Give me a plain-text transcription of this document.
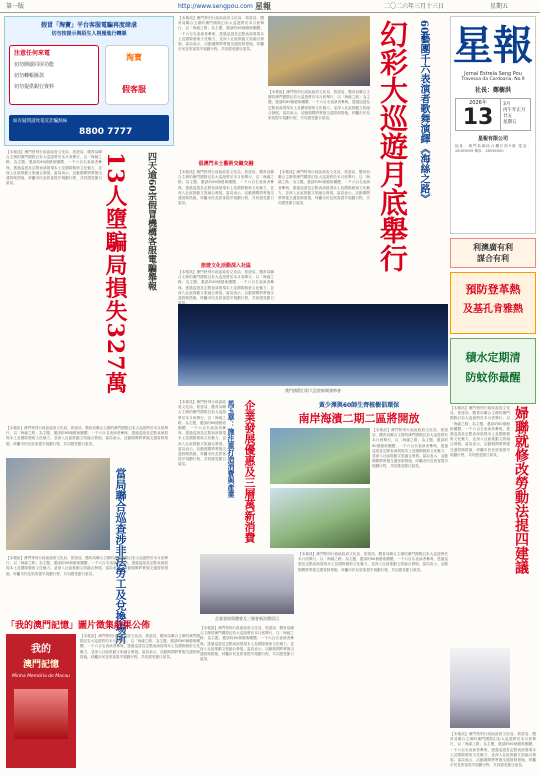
第一版	http://www.sengpou.com 星報	二〇二六年三月十三日	星期五
假冒「淘寶」平台客服電騙再度肆虐
切勿按提示與陌生人視頻進行轉賬
注意任何來電
切勿開啟同屏功能
切勿轉帳匯款
切勿提供銀行資料
淘寶
假客服
如有疑問請致電反詐騙熱線
8800 7777
【本報訊】澳門特別行政區政府文化局、旅遊局、體育局聯合主辦的澳門國際幻彩大巡遊將於本月底舉行，以「海絲之路」為主題，邀請約60個藝術團體、一千六百名表演者參與，透過巡遊及定點表演展現本土及國際藝術文化魅力，並深入社區推動文旅融合發展。當局表示，活動期間將實施交通管制措施，呼籲市民及旅客提早規劃行程，共同感受節日氣氛。	四天逾60宗假冒機構客服電騙舉報
13人墮騙局損失327萬
【本報訊】澳門特別行政區政府文化局、旅遊局、體育局聯合主辦的澳門國際幻彩大巡遊將於本月底舉行，以「海絲之路」為主題，邀請約60個藝術團體、一千六百名表演者參與，透過巡遊及定點表演展現本土及國際藝術文化魅力，並深入社區推動文旅融合發展。當局表示，活動期間將實施交通管制措施，呼籲市民及旅客提早規劃行程，共同感受節日氣氛。
當局聯合巡查涉非法勞工及兌換場所
【本報訊】澳門特別行政區政府文化局、旅遊局、體育局聯合主辦的澳門國際幻彩大巡遊將於本月底舉行，以「海絲之路」為主題，邀請約60個藝術團體、一千六百名表演者參與，透過巡遊及定點表演展現本土及國際藝術文化魅力，並深入社區推動文旅融合發展。當局表示，活動期間將實施交通管制措施，呼籲市民及旅客提早規劃行程，共同感受節日氣氛。
「我的澳門記憶」圖片徵集結果公佈
我的
澳門記憶
Minha Memória de Macau
【本報訊】澳門特別行政區政府文化局、旅遊局、體育局聯合主辦的澳門國際幻彩大巡遊將於本月底舉行，以「海絲之路」為主題，邀請約60個藝術團體、一千六百名表演者參與，透過巡遊及定點表演展現本土及國際藝術文化魅力，並深入社區推動文旅融合發展。當局表示，活動期間將實施交通管制措施，呼籲市民及旅客提早規劃行程，共同感受節日氣氛。
【本報訊】澳門特別行政區政府文化局、旅遊局、體育局聯合主辦的澳門國際幻彩大巡遊將於本月底舉行，以「海絲之路」為主題，邀請約60個藝術團體、一千六百名表演者參與，透過巡遊及定點表演展現本土及國際藝術文化魅力，並深入社區推動文旅融合發展。當局表示，活動期間將實施交通管制措施，呼籲市民及旅客提早規劃行程，共同感受節日氣氛。
【本報訊】澳門特別行政區政府文化局、旅遊局、體育局聯合主辦的澳門國際幻彩大巡遊將於本月底舉行，以「海絲之路」為主題，邀請約60個藝術團體、一千六百名表演者參與，透過巡遊及定點表演展現本土及國際藝術文化魅力，並深入社區推動文旅融合發展。當局表示，活動期間將實施交通管制措施，呼籲市民及旅客提早規劃行程，共同感受節日氣氛。	60藝團千六表演者歌舞演繹《海絲之路》
幻彩大巡遊月底舉行
【本報訊】澳門特別行政區政府文化局、旅遊局、體育局聯合主辦的澳門國際幻彩大巡遊將於本月底舉行，以「海絲之路」為主題，邀請約60個藝術團體、一千六百名表演者參與，透過巡遊及定點表演展現本土及國際藝術文化魅力，並深入社區推動文旅融合發展。當局表示，活動期間將實施交通管制措施，呼籲市民及旅客提早規劃行程，共同感受節日氣氛。
【本報訊】澳門特別行政區政府文化局、旅遊局、體育局聯合主辦的澳門國際幻彩大巡遊將於本月底舉行，以「海絲之路」為主題，邀請約60個藝術團體、一千六百名表演者參與，透過巡遊及定點表演展現本土及國際藝術文化魅力，並深入社區推動文旅融合發展。當局表示，活動期間將實施交通管制措施，呼籲市民及旅客提早規劃行程，共同感受節日氣氛。
旅遊文化活動深入社區
【本報訊】澳門特別行政區政府文化局、旅遊局、體育局聯合主辦的澳門國際幻彩大巡遊將於本月底舉行，以「海絲之路」為主題，邀請約60個藝術團體、一千六百名表演者參與，透過巡遊及定點表演展現本土及國際藝術文化魅力，並深入社區推動文旅融合發展。當局表示，活動期間將實施交通管制措施，呼籲市民及旅客提早規劃行程，共同感受節日
倡澳門本土藝術交織交融
星報
Jornal Estrela Seng Pou
Travessa da Cordoaria, No.9
社長：鄭樹洪
2026年
13
3月
丙午年正月廿五
星期五
星報有限公司
地址：澳門新橋區沙欄仔街9號 電話：28355899 傳真：28556900
利澳廣有利
謀合有利
預防登革熱
及基孔肯雅熱
積水定期清
防蚊你最醒
澳門國際幻彩大巡遊新聞發佈會
黃少澤與60師生齊植樹倡環保
南岸海濱二期二區將開放
【本報訊】澳門特別行政區政府文化局、旅遊局、體育局聯合主辦的澳門國際幻彩大巡遊將於本月底舉行，以「海絲之路」為主題，邀請約60個藝術團體、一千六百名表演者參與，透過巡遊及定點表演展現本土及國際藝術文化魅力，並深入社區推動文旅融合發展。當局表示，活動期間將實施交通管制措施，呼籲市民及旅客提早規劃行程，共同感受節日氣氛。
企業發展優惠及三層萬新消費
馬玉華：施注重打造消費與產業
【本報訊】澳門特別行政區政府文化局、旅遊局、體育局聯合主辦的澳門國際幻彩大巡遊將於本月底舉行，以「海絲之路」為主題，邀請約60個藝術團體、一千六百名表演者參與，透過巡遊及定點表演展現本土及國際藝術文化魅力，並深入社區推動文旅融合發展。當局表示，活動期間將實施交通管制措施，呼籲市民及旅客提早規劃行程，共同感受節日氣氛。
企業發展與體會及三層會新消費項目
【本報訊】澳門特別行政區政府文化局、旅遊局、體育局聯合主辦的澳門國際幻彩大巡遊將於本月底舉行，以「海絲之路」為主題，邀請約60個藝術團體、一千六百名表演者參與，透過巡遊及定點表演展現本土及國際藝術文化魅力，並深入社區推動文旅融合發展。當局表示，活動期間將實施交通管制措施，呼籲市民及旅客提早規劃行程，共同感受節日氣氛。
【本報訊】澳門特別行政區政府文化局、旅遊局、體育局聯合主辦的澳門國際幻彩大巡遊將於本月底舉行，以「海絲之路」為主題，邀請約60個藝術團體、一千六百名表演者參與，透過巡遊及定點表演展現本土及國際藝術文化魅力，並深入社區推動文旅融合發展。當局表示，活動期間將實施交通管制措施，呼籲市民及旅客提早規劃行程，共同感受節日氣氛。
婦聯就修改勞動法提四建議
【本報訊】澳門特別行政區政府文化局、旅遊局、體育局聯合主辦的澳門國際幻彩大巡遊將於本月底舉行，以「海絲之路」為主題，邀請約60個藝術團體、一千六百名表演者參與，透過巡遊及定點表演展現本土及國際藝術文化魅力，並深入社區推動文旅融合發展。當局表示，活動期間將實施交通管制措施，呼籲市民及旅客提早規劃行程，共同感受節日氣氛。
【本報訊】澳門特別行政區政府文化局、旅遊局、體育局聯合主辦的澳門國際幻彩大巡遊將於本月底舉行，以「海絲之路」為主題，邀請約60個藝術團體、一千六百名表演者參與，透過巡遊及定點表演展現本土及國際藝術文化魅力，並深入社區推動文旅融合發展。當局表示，活動期間將實施交通管制措施，呼籲市民及旅客提早規劃行程，共同感受節日氣氛。
